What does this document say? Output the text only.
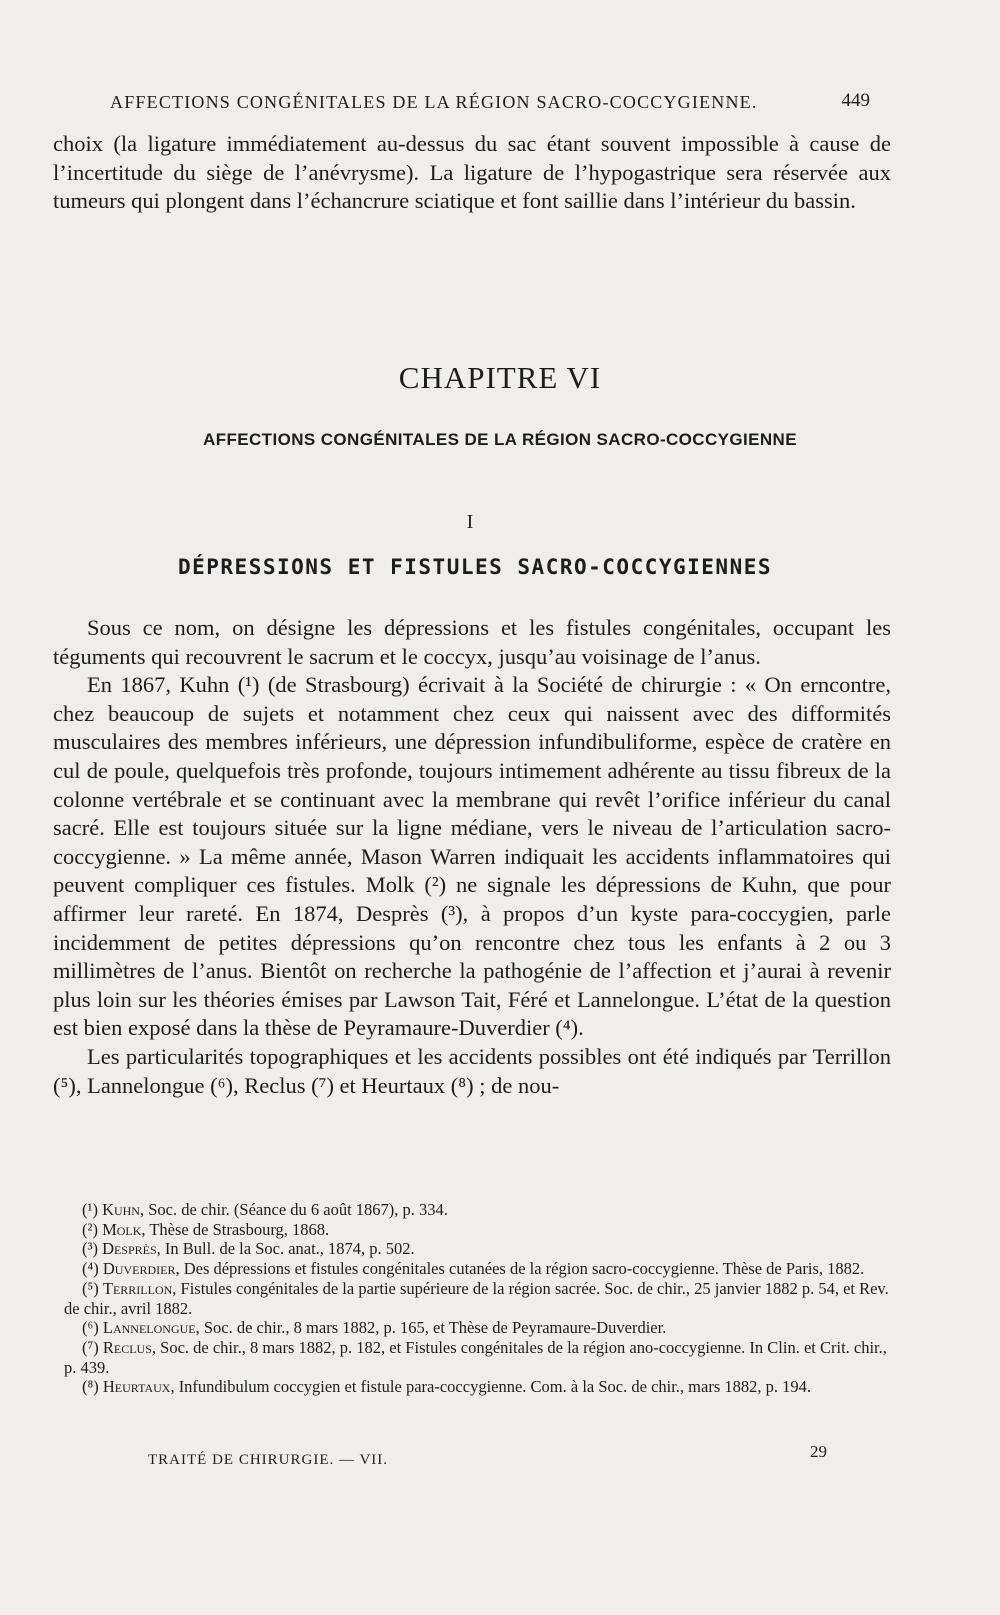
AFFECTIONS CONGÉNITALES DE LA RÉGION SACRO-COCCYGIENNE.	449

choix (la ligature immédiatement au-dessus du sac étant souvent impossible à cause de l’incertitude du siège de l’anévrysme). La ligature de l’hypogastrique sera réservée aux tumeurs qui plongent dans l’échancrure sciatique et font saillie dans l’intérieur du bassin.

CHAPITRE VI
AFFECTIONS CONGÉNITALES DE LA RÉGION SACRO-COCCYGIENNE
I
DÉPRESSIONS ET FISTULES SACRO-COCCYGIENNES

Sous ce nom, on désigne les dépressions et les fistules congénitales, occupant les téguments qui recouvrent le sacrum et le coccyx, jusqu’au voisinage de l’anus.

En 1867, Kuhn (¹) (de Strasbourg) écrivait à la Société de chirurgie : « On erncontre, chez beaucoup de sujets et notamment chez ceux qui naissent avec des difformités musculaires des membres inférieurs, une dépression infundibuliforme, espèce de cratère en cul de poule, quelquefois très profonde, toujours intimement adhérente au tissu fibreux de la colonne vertébrale et se continuant avec la membrane qui revêt l’orifice inférieur du canal sacré. Elle est toujours située sur la ligne médiane, vers le niveau de l’articulation sacro-coccygienne. » La même année, Mason Warren indiquait les accidents inflammatoires qui peuvent compliquer ces fistules. Molk (²) ne signale les dépressions de Kuhn, que pour affirmer leur rareté. En 1874, Desprès (³), à propos d’un kyste para-coccygien, parle incidemment de petites dépressions qu’on rencontre chez tous les enfants à 2 ou 3 millimètres de l’anus. Bientôt on recherche la pathogénie de l’affection et j’aurai à revenir plus loin sur les théories émises par Lawson Tait, Féré et Lannelongue. L’état de la question est bien exposé dans la thèse de Peyramaure-Duverdier (⁴).

Les particularités topographiques et les accidents possibles ont été indiqués par Terrillon (⁵), Lannelongue (⁶), Reclus (⁷) et Heurtaux (⁸) ; de nou-

(¹) Kuhn, Soc. de chir. (Séance du 6 août 1867), p. 334.

(²) Molk, Thèse de Strasbourg, 1868.

(³) Desprès, In Bull. de la Soc. anat., 1874, p. 502.

(⁴) Duverdier, Des dépressions et fistules congénitales cutanées de la région sacro-coccygienne. Thèse de Paris, 1882.

(⁵) Terrillon, Fistules congénitales de la partie supérieure de la région sacrée. Soc. de chir., 25 janvier 1882 p. 54, et Rev. de chir., avril 1882.

(⁶) Lannelongue, Soc. de chir., 8 mars 1882, p. 165, et Thèse de Peyramaure-Duverdier.

(⁷) Reclus, Soc. de chir., 8 mars 1882, p. 182, et Fistules congénitales de la région ano-coccygienne. In Clin. et Crit. chir., p. 439.

(⁸) Heurtaux, Infundibulum coccygien et fistule para-coccygienne. Com. à la Soc. de chir., mars 1882, p. 194.

TRAITÉ DE CHIRURGIE. — VII.	29
